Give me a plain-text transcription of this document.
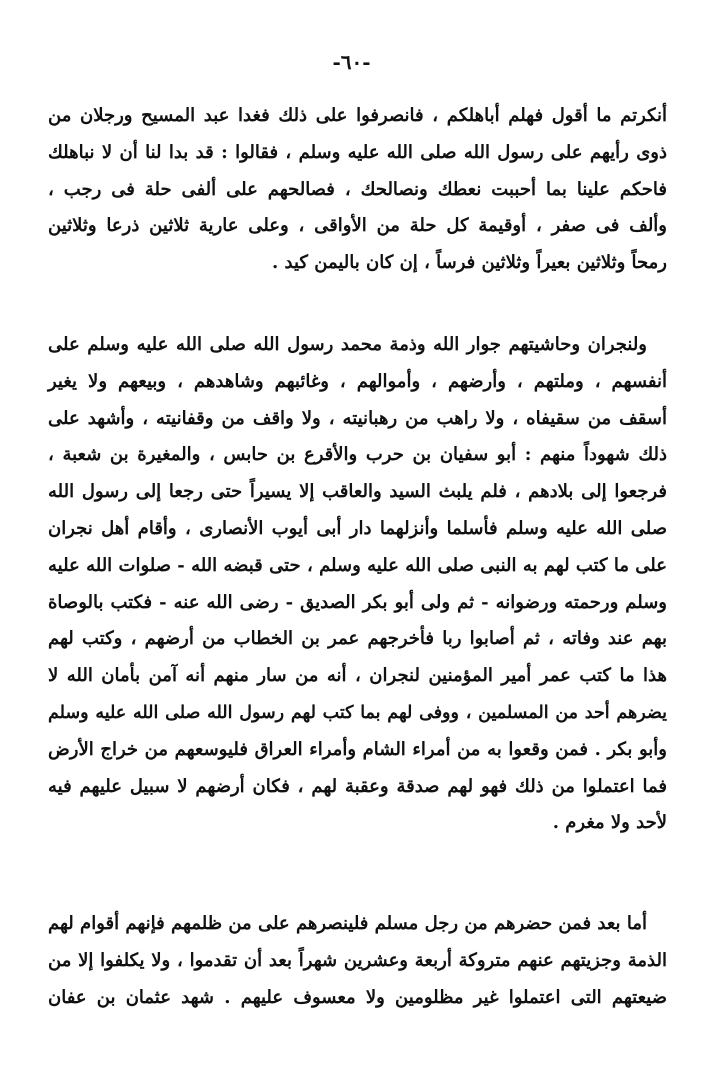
-٦٠-
أنكرتم ما أقول فهلم أباهلكم ، فانصرفوا على ذلك فغدا عبد المسيح ورجلان من
ذوى رأيهم على رسول الله صلى الله عليه وسلم ، فقالوا : قد بدا لنا أن لا نباهلك
فاحكم علينا بما أحببت نعطك ونصالحك ، فصالحهم على ألفى حلة فى رجب ،
وألف فى صفر ، أوقيمة كل حلة من الأواقى ، وعلى عارية ثلاثين ذرعا وثلاثين
رمحاً وثلاثين بعيراً وثلاثين فرساً ، إن كان باليمن كيد .
ولنجران وحاشيتهم جوار الله وذمة محمد رسول الله صلى الله عليه وسلم على
أنفسهم ، وملتهم ، وأرضهم ، وأموالهم ، وغائبهم وشاهدهم ، وبيعهم ولا يغير
أسقف من سقيفاه ، ولا راهب من رهبانيته ، ولا واقف من وقفانيته ، وأشهد على
ذلك شهوداً منهم : أبو سفيان بن حرب والأقرع بن حابس ، والمغيرة بن شعبة ،
فرجعوا إلى بلادهم ، فلم يلبث السيد والعاقب إلا يسيراً حتى رجعا إلى رسول الله
صلى الله عليه وسلم فأسلما وأنزلهما دار أبى أيوب الأنصارى ، وأقام أهل نجران
على ما كتب لهم به النبى صلى الله عليه وسلم ، حتى قبضه الله - صلوات الله عليه
وسلم ورحمته ورضوانه - ثم ولى أبو بكر الصديق - رضى الله عنه - فكتب بالوصاة
بهم عند وفاته ، ثم أصابوا ربا فأخرجهم عمر بن الخطاب من أرضهم ، وكتب لهم
هذا ما كتب عمر أمير المؤمنين لنجران ، أنه من سار منهم أنه آمن بأمان الله لا
يضرهم أحد من المسلمين ، ووفى لهم بما كتب لهم رسول الله صلى الله عليه وسلم
وأبو بكر . فمن وقعوا به من أمراء الشام وأمراء العراق فليوسعهم من خراج الأرض
فما اعتملوا من ذلك فهو لهم صدقة وعقبة لهم ، فكان أرضهم لا سبيل عليهم فيه
لأحد ولا مغرم .
أما بعد فمن حضرهم من رجل مسلم فلينصرهم على من ظلمهم فإنهم أقوام لهم
الذمة وجزيتهم عنهم متروكة أربعة وعشرين شهراً بعد أن تقدموا ، ولا يكلفوا إلا من
ضيعتهم التى اعتملوا غير مظلومين ولا معسوف عليهم . شهد عثمان بن عفان
